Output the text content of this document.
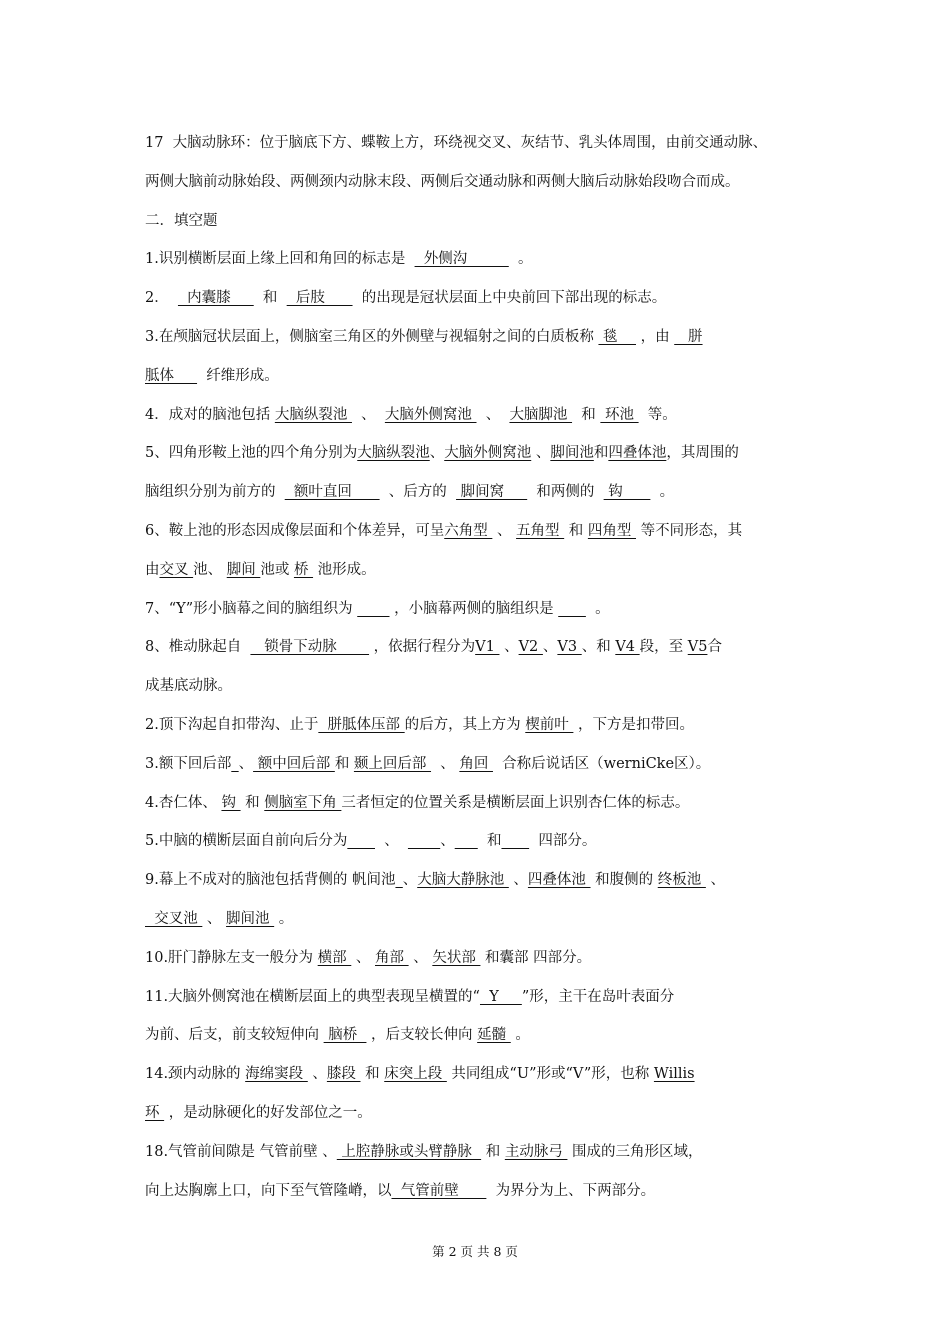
17  大脑动脉环：位于脑底下方、蝶鞍上方，环绕视交叉、灰结节、乳头体周围，由前交通动脉、
两侧大脑前动脉始段、两侧颈内动脉末段、两侧后交通动脉和两侧大脑后动脉始段吻合而成。
二．填空题
1.识别横断层面上缘上回和角回的标志是    外侧沟           。
2．    内囊膝       和    后肢        的出现是冠状层面上中央前回下部出现的标志。
3.在颅脑冠状层面上，侧脑室三角区的外侧壁与视辐射之间的白质板称  毯     ，由    胼
胝体       纤维形成。
4．成对的脑池包括 大脑纵裂池   、  大脑外侧窝池   、  大脑脚池   和  环池   等。
5、四角形鞍上池的四个角分别为大脑纵裂池、大脑外侧窝池 、脚间池和四叠体池，其周围的
脑组织分别为前方的    额叶直回        、后方的   脚间窝       和两侧的   钩        。
6、鞍上池的形态因成像层面和个体差异，可呈六角型  、 五角型  和 四角型  等不同形态，其
由交叉 池、 脚间 池或 桥  池形成。
7、“Y”形小脑幕之间的脑组织为         ，小脑幕两侧的脑组织是         。
8、椎动脉起自     锁骨下动脉        ，依据行程分为V1  、V2 、V3 、和 V4 段，至 V5合
成基底动脉。
2.顶下沟起自扣带沟、止于  胼胝体压部 的后方，其上方为 楔前叶  ，下方是扣带回。
3.额下回后部_、 额中回后部 和 颞上回后部   、 角回   合称后说话区（werniCke区）。
4.杏仁体、 钩  和 侧脑室下角 三者恒定的位置关系是横断层面上识别杏仁体的标志。
5.中脑的横断层面自前向后分为        、         、       和        四部分。
9.幕上不成对的脑池包括背侧的 帆间池_、大脑大静脉池  、四叠体池  和腹侧的 终板池  、
交叉池  、 脚间池  。
10.肝门静脉左支一般分为 横部  、 角部  、 矢状部  和囊部 四部分。
11.大脑外侧窝池在横断层面上的典型表现呈横置的“  Y     ”形，主干在岛叶表面分
为前、后支，前支较短伸向  脑桥   ，后支较长伸向 延髓  。
14.颈内动脉的 海绵窦段  、膝段  和 床突上段  共同组成“U”形或“V”形，也称 Willis
环  ，是动脉硬化的好发部位之一。
18.气管前间隙是 气管前壁 、 上腔静脉或头臂静脉   和 主动脉弓  围成的三角形区域，
向上达胸廓上口，向下至气管隆嵴，以  气管前壁        为界分为上、下两部分。
第 2 页 共 8 页
